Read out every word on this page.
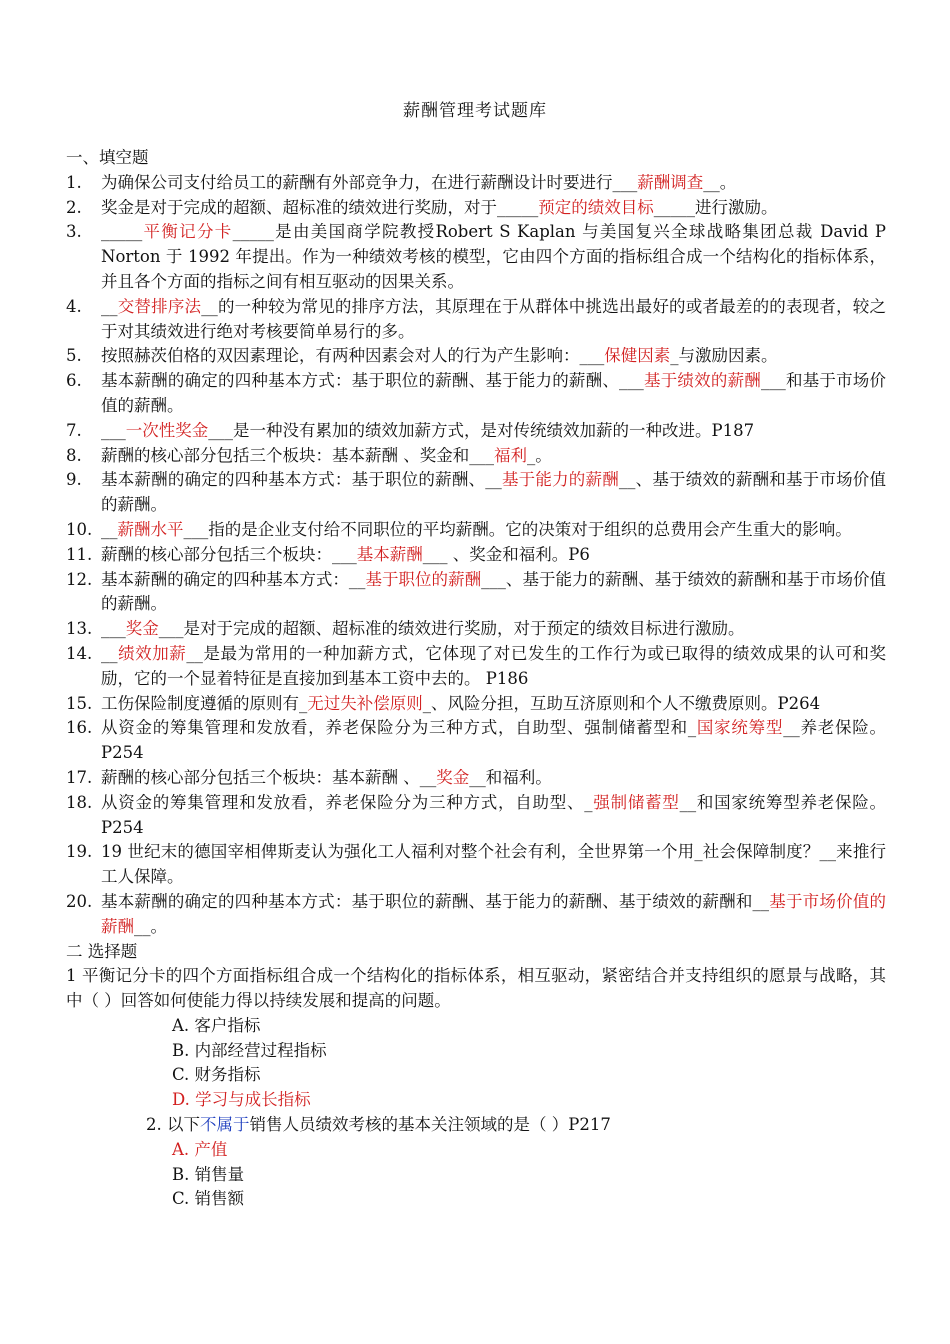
薪酬管理考试题库
一、填空题
1.	为确保公司支付给员工的薪酬有外部竞争力，在进行薪酬设计时要进行___薪酬调查__。
2.	奖金是对于完成的超额、超标准的绩效进行奖励，对于_____预定的绩效目标_____进行激励。
3.	_____平衡记分卡_____是由美国商学院教授Robert S Kaplan 与美国复兴全球战略集团总裁 David P Norton 于 1992 年提出。作为一种绩效考核的模型，它由四个方面的指标组合成一个结构化的指标体系，并且各个方面的指标之间有相互驱动的因果关系。
4.	__交替排序法__的一种较为常见的排序方法，其原理在于从群体中挑选出最好的或者最差的的表现者，较之于对其绩效进行绝对考核要简单易行的多。
5.	按照赫茨伯格的双因素理论，有两种因素会对人的行为产生影响：___保健因素_与激励因素。
6.	基本薪酬的确定的四种基本方式：基于职位的薪酬、基于能力的薪酬、___基于绩效的薪酬___和基于市场价值的薪酬。
7.	___一次性奖金___是一种没有累加的绩效加薪方式，是对传统绩效加薪的一种改进。P187
8.	薪酬的核心部分包括三个板块：基本薪酬 、奖金和___福利_。
9.	基本薪酬的确定的四种基本方式：基于职位的薪酬、__基于能力的薪酬__、基于绩效的薪酬和基于市场价值的薪酬。
10. __薪酬水平___指的是企业支付给不同职位的平均薪酬。它的决策对于组织的总费用会产生重大的影响。
11. 薪酬的核心部分包括三个板块：___基本薪酬___ 、奖金和福利。P6
12. 基本薪酬的确定的四种基本方式：__基于职位的薪酬___、基于能力的薪酬、基于绩效的薪酬和基于市场价值的薪酬。
13. ___奖金___是对于完成的超额、超标准的绩效进行奖励，对于预定的绩效目标进行激励。
14. __绩效加薪__是最为常用的一种加薪方式，它体现了对已发生的工作行为或已取得的绩效成果的认可和奖励，它的一个显着特征是直接加到基本工资中去的。 P186
15. 工伤保险制度遵循的原则有_无过失补偿原则_、风险分担，互助互济原则和个人不缴费原则。P264
16. 从资金的筹集管理和发放看，养老保险分为三种方式，自助型、强制储蓄型和_国家统筹型__养老保险。P254
17. 薪酬的核心部分包括三个板块：基本薪酬 、__奖金__和福利。
18. 从资金的筹集管理和发放看，养老保险分为三种方式，自助型、_强制储蓄型__和国家统筹型养老保险。P254
19. 19 世纪末的德国宰相俾斯麦认为强化工人福利对整个社会有利，全世界第一个用_社会保障制度？__来推行工人保障。
20. 基本薪酬的确定的四种基本方式：基于职位的薪酬、基于能力的薪酬、基于绩效的薪酬和__基于市场价值的薪酬__。
二 选择题
1 平衡记分卡的四个方面指标组合成一个结构化的指标体系，相互驱动，紧密结合并支持组织的愿景与战略，其中（ ）回答如何使能力得以持续发展和提高的问题。
A. 客户指标
B. 内部经营过程指标
C. 财务指标
D. 学习与成长指标
2. 以下不属于销售人员绩效考核的基本关注领域的是（ ）P217
A. 产值
B. 销售量
C. 销售额
